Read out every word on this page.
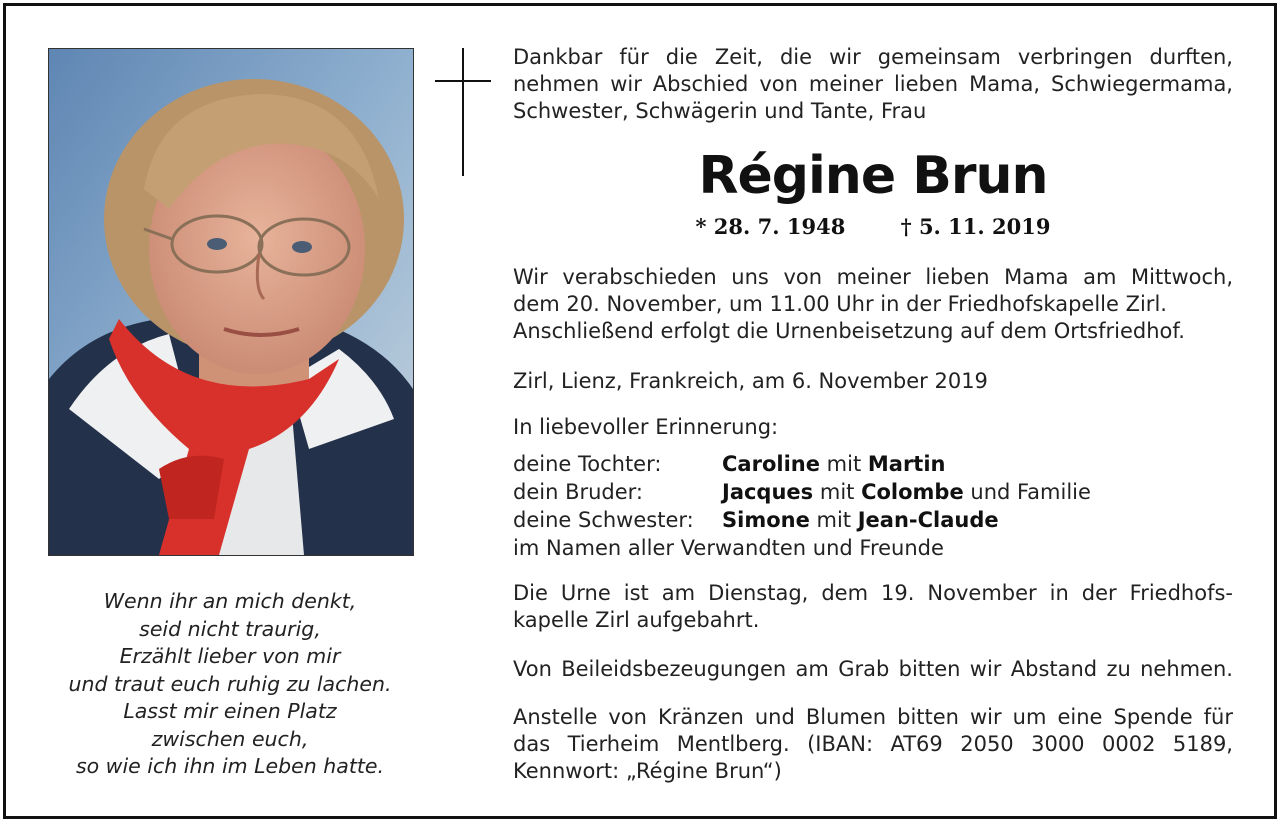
Wenn ihr an mich denkt,
seid nicht traurig,
Erzählt lieber von mir
und traut euch ruhig zu lachen.
Lasst mir einen Platz
zwischen euch,
so wie ich ihn im Leben hatte.
Dankbar für die Zeit, die wir gemeinsam verbringen durften,
nehmen wir Abschied von meiner lieben Mama, Schwiegermama,
Schwester, Schwägerin und Tante, Frau
Régine Brun
* 28. 7. 1948	† 5. 11. 2019
Wir verabschieden uns von meiner lieben Mama am Mittwoch,
dem 20. November, um 11.00 Uhr in der Friedhofskapelle Zirl.
Anschließend erfolgt die Urnenbeisetzung auf dem Ortsfriedhof.
Zirl, Lienz, Frankreich, am 6. November 2019
In liebevoller Erinnerung:
deine Tochter:	Caroline mit Martin
dein Bruder:	Jacques mit Colombe und Familie
deine Schwester: Simone mit Jean-Claude
im Namen aller Verwandten und Freunde
Die Urne ist am Dienstag, dem 19. November in der Friedhofs-
kapelle Zirl aufgebahrt.
Von Beileidsbezeugungen am Grab bitten wir Abstand zu nehmen.
Anstelle von Kränzen und Blumen bitten wir um eine Spende für
das Tierheim Mentlberg. (IBAN: AT69 2050 3000 0002 5189,
Kennwort: „Régine Brun“)
